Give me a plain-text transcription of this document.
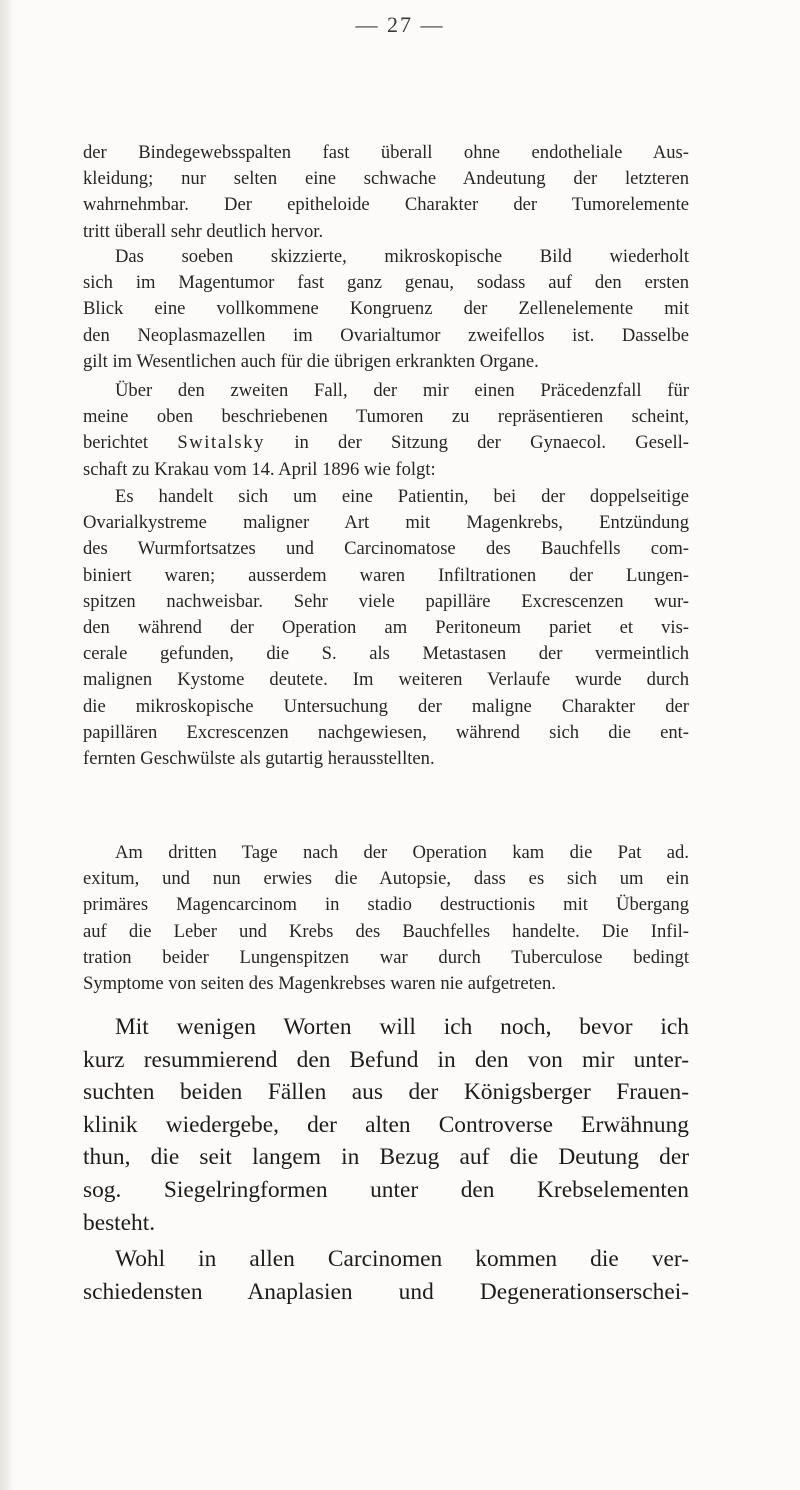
— 27 —
der Bindegewebsspalten fast überall ohne endotheliale Aus-
kleidung; nur selten eine schwache Andeutung der letzteren
wahrnehmbar. Der epitheloide Charakter der Tumorelemente
tritt überall sehr deutlich hervor.
Das soeben skizzierte, mikroskopische Bild wiederholt
sich im Magentumor fast ganz genau, sodass auf den ersten
Blick eine vollkommene Kongruenz der Zellenelemente mit
den Neoplasmazellen im Ovarialtumor zweifellos ist. Dasselbe
gilt im Wesentlichen auch für die übrigen erkrankten Organe.
Über den zweiten Fall, der mir einen Präcedenzfall für
meine oben beschriebenen Tumoren zu repräsentieren scheint,
berichtet Switalsky in der Sitzung der Gynaecol. Gesell-
schaft zu Krakau vom 14. April 1896 wie folgt:
Es handelt sich um eine Patientin, bei der doppelseitige
Ovarialkystreme maligner Art mit Magenkrebs, Entzündung
des Wurmfortsatzes und Carcinomatose des Bauchfells com-
biniert waren; ausserdem waren Infiltrationen der Lungen-
spitzen nachweisbar. Sehr viele papilläre Excrescenzen wur-
den während der Operation am Peritoneum pariet et vis-
cerale gefunden, die S. als Metastasen der vermeintlich
malignen Kystome deutete. Im weiteren Verlaufe wurde durch
die mikroskopische Untersuchung der maligne Charakter der
papillären Excrescenzen nachgewiesen, während sich die ent-
fernten Geschwülste als gutartig herausstellten.
Am dritten Tage nach der Operation kam die Pat ad.
exitum, und nun erwies die Autopsie, dass es sich um ein
primäres Magencarcinom in stadio destructionis mit Übergang
auf die Leber und Krebs des Bauchfelles handelte. Die Infil-
tration beider Lungenspitzen war durch Tuberculose bedingt
Symptome von seiten des Magenkrebses waren nie aufgetreten.
Mit wenigen Worten will ich noch, bevor ich
kurz resummierend den Befund in den von mir unter-
suchten beiden Fällen aus der Königsberger Frauen-
klinik wiedergebe, der alten Controverse Erwähnung
thun, die seit langem in Bezug auf die Deutung der
sog. Siegelringformen unter den Krebselementen
besteht.
Wohl in allen Carcinomen kommen die ver-
schiedensten Anaplasien und Degenerationserschei-
